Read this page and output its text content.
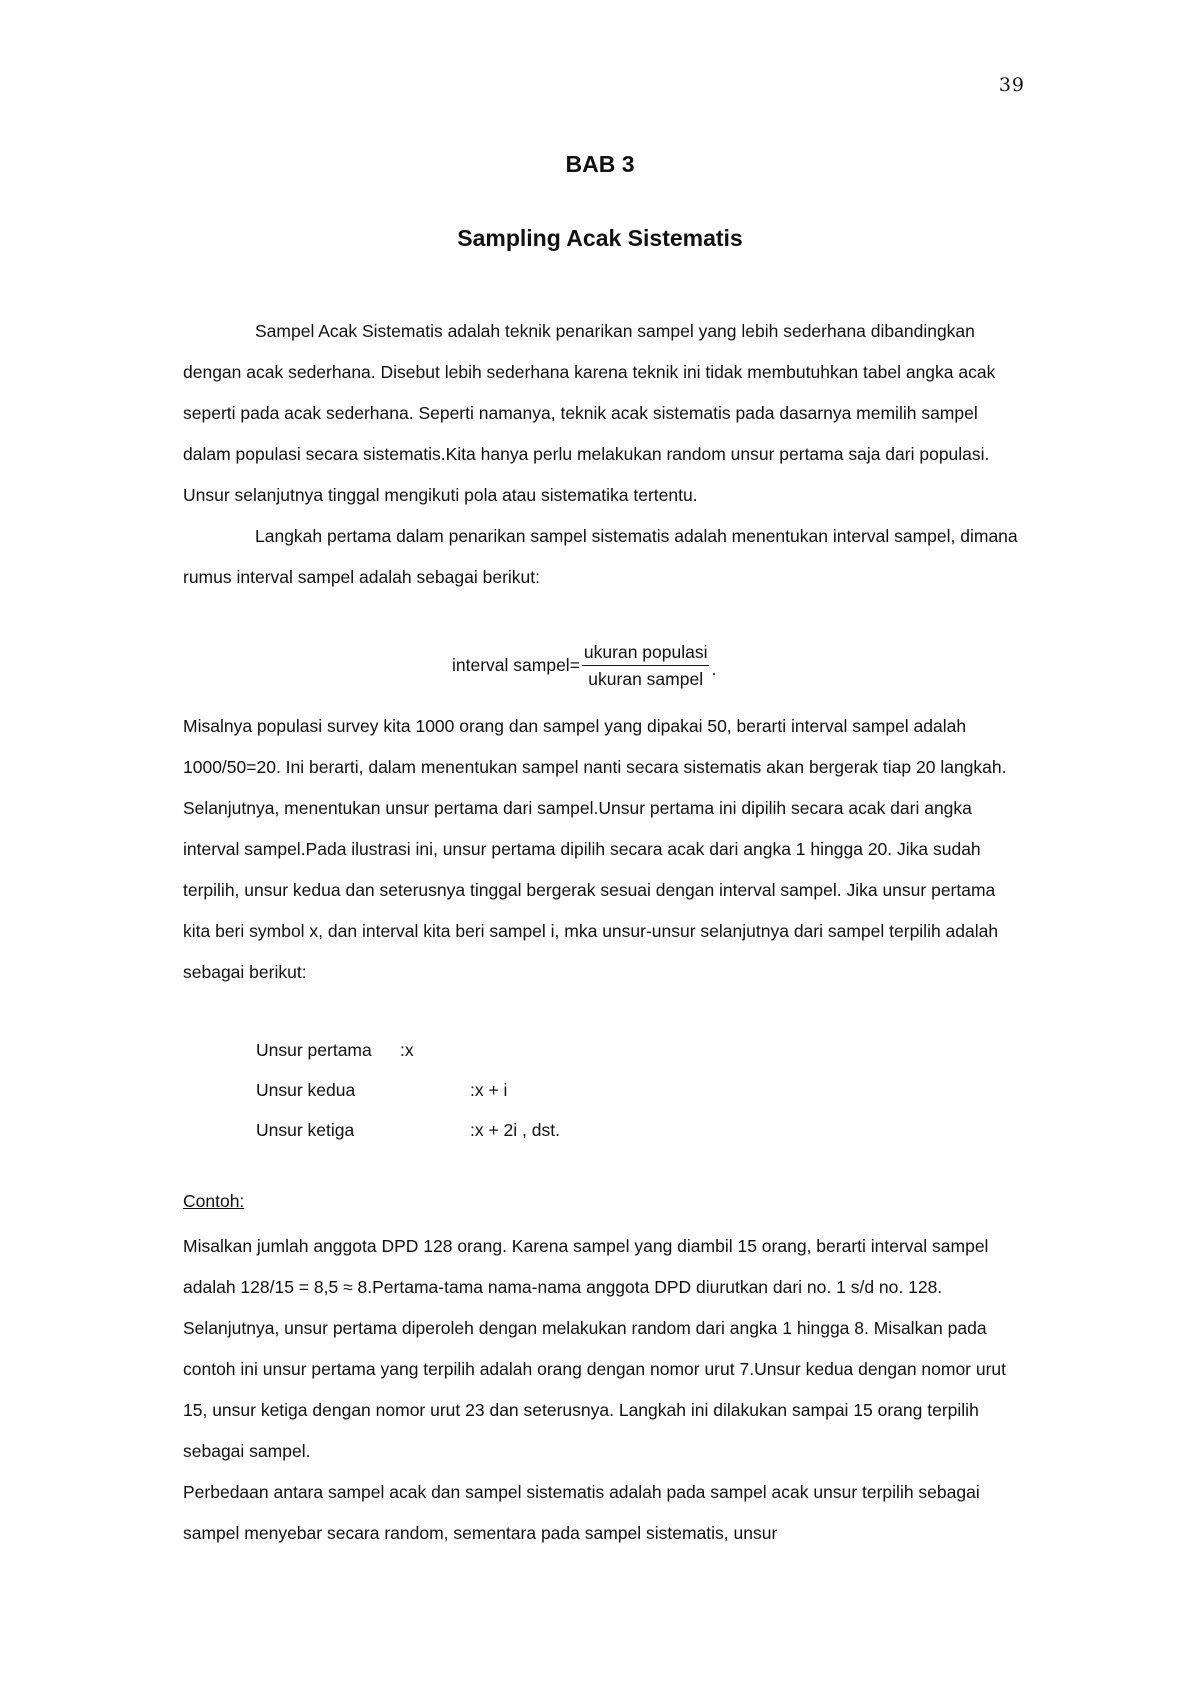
39
BAB 3
Sampling Acak Sistematis

Sampel Acak Sistematis adalah teknik penarikan sampel yang lebih sederhana dibandingkan dengan acak sederhana. Disebut lebih sederhana karena teknik ini tidak membutuhkan tabel angka acak seperti pada acak sederhana. Seperti namanya, teknik acak sistematis pada dasarnya memilih sampel dalam populasi secara sistematis.Kita hanya perlu melakukan random unsur pertama saja dari populasi. Unsur selanjutnya tinggal mengikuti pola atau sistematika tertentu.

Langkah pertama dalam penarikan sampel sistematis adalah menentukan interval sampel, dimana rumus interval sampel adalah sebagai berikut:

interval sampel= $\frac{\text{ukuran populasi}}{\text{ukuran sampel}}$ .

Misalnya populasi survey kita 1000 orang dan sampel yang dipakai 50, berarti interval sampel adalah 1000/50=20. Ini berarti, dalam menentukan sampel nanti secara sistematis akan bergerak tiap 20 langkah. Selanjutnya, menentukan unsur pertama dari sampel.Unsur pertama ini dipilih secara acak dari angka interval sampel.Pada ilustrasi ini, unsur pertama dipilih secara acak dari angka 1 hingga 20. Jika sudah terpilih, unsur kedua dan seterusnya tinggal bergerak sesuai dengan interval sampel. Jika unsur pertama kita beri symbol x, dan interval kita beri sampel i, mka unsur-unsur selanjutnya dari sampel terpilih adalah sebagai berikut:

Unsur pertama :x
Unsur kedua	:x + i
Unsur ketiga	:x + 2i , dst.
Contoh:

Misalkan jumlah anggota DPD 128 orang. Karena sampel yang diambil 15 orang, berarti interval sampel adalah 128/15 = 8,5 ≈ 8.Pertama-tama nama-nama anggota DPD diurutkan dari no. 1 s/d no. 128. Selanjutnya, unsur pertama diperoleh dengan melakukan random dari angka 1 hingga 8. Misalkan pada contoh ini unsur pertama yang terpilih adalah orang dengan nomor urut 7.Unsur kedua dengan nomor urut 15, unsur ketiga dengan nomor urut 23 dan seterusnya. Langkah ini dilakukan sampai 15 orang terpilih sebagai sampel.

Perbedaan antara sampel acak dan sampel sistematis adalah pada sampel acak unsur terpilih sebagai sampel menyebar secara random, sementara pada sampel sistematis, unsur
